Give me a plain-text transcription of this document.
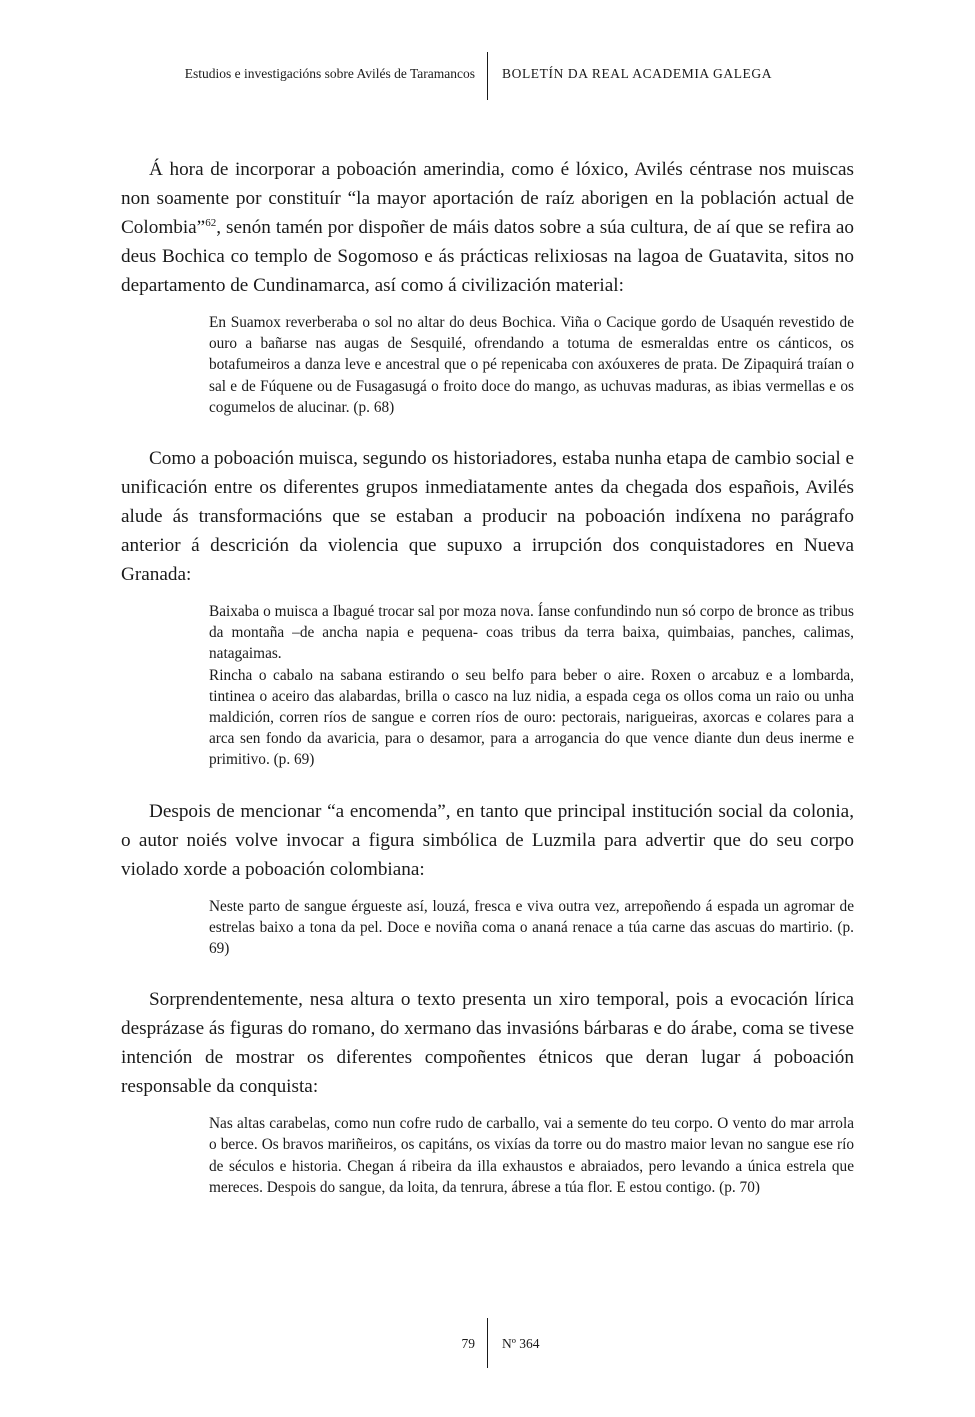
Estudios e investigacións sobre Avilés de Taramancos BOLETÍN DA REAL ACADEMIA GALEGA

Á hora de incorporar a poboación amerindia, como é lóxico, Avilés céntrase nos muiscas non soamente por constituír “la mayor aportación de raíz aborigen en la población actual de Colombia”$^{62}$, senón tamén por dispoñer de máis datos sobre a súa cultura, de aí que se refira ao deus Bochica co templo de Sogomoso e ás prácticas relixiosas na lagoa de Guatavita, sitos no departamento de Cundinamarca, así como á civilización material:

En Suamox reverberaba o sol no altar do deus Bochica. Viña o Cacique gordo de Usaquén revestido de ouro a bañarse nas augas de Sesquilé, ofrendando a totuma de esmeraldas entre os cánticos, os botafumeiros a danza leve e ancestral que o pé repenicaba con axóuxeres de prata. De Zipaquirá traían o sal e de Fúquene ou de Fusagasugá o froito doce do mango, as uchuvas maduras, as ibias vermellas e os cogumelos de alucinar. (p. 68)

Como a poboación muisca, segundo os historiadores, estaba nunha etapa de cambio social e unificación entre os diferentes grupos inmediatamente antes da chegada dos españois, Avilés alude ás transformacións que se estaban a producir na poboación indíxena no parágrafo anterior á descrición da violencia que supuxo a irrupción dos conquistadores en Nueva Granada:

Baixaba o muisca a Ibagué trocar sal por moza nova. Íanse confundindo nun só corpo de bronce as tribus da montaña –de ancha napia e pequena- coas tribus da terra baixa, quimbaias, panches, calimas, natagaimas.

Rincha o cabalo na sabana estirando o seu belfo para beber o aire. Roxen o arcabuz e a lombarda, tintinea o aceiro das alabardas, brilla o casco na luz nidia, a espada cega os ollos coma un raio ou unha maldición, corren ríos de sangue e corren ríos de ouro: pectorais, narigueiras, axorcas e colares para a arca sen fondo da avaricia, para o desamor, para a arrogancia do que vence diante dun deus inerme e primitivo. (p. 69)

Despois de mencionar “a encomenda”, en tanto que principal institución social da colonia, o autor noiés volve invocar a figura simbólica de Luzmila para advertir que do seu corpo violado xorde a poboación colombiana:

Neste parto de sangue érgueste así, louzá, fresca e viva outra vez, arrepoñendo á espada un agromar de estrelas baixo a tona da pel. Doce e noviña coma o ananá renace a túa carne das ascuas do martirio. (p. 69)

Sorprendentemente, nesa altura o texto presenta un xiro temporal, pois a evocación lírica desprázase ás figuras do romano, do xermano das invasións bárbaras e do árabe, coma se tivese intención de mostrar os diferentes compoñentes étnicos que deran lugar á poboación responsable da conquista:

Nas altas carabelas, como nun cofre rudo de carballo, vai a semente do teu corpo. O vento do mar arrola o berce. Os bravos mariñeiros, os capitáns, os vixías da torre ou do mastro maior levan no sangue ese río de séculos e historia. Chegan á ribeira da illa exhaustos e abraiados, pero levando a única estrela que mereces. Despois do sangue, da loita, da tenrura, ábrese a túa flor. E estou contigo. (p. 70)

79 Nº 364
